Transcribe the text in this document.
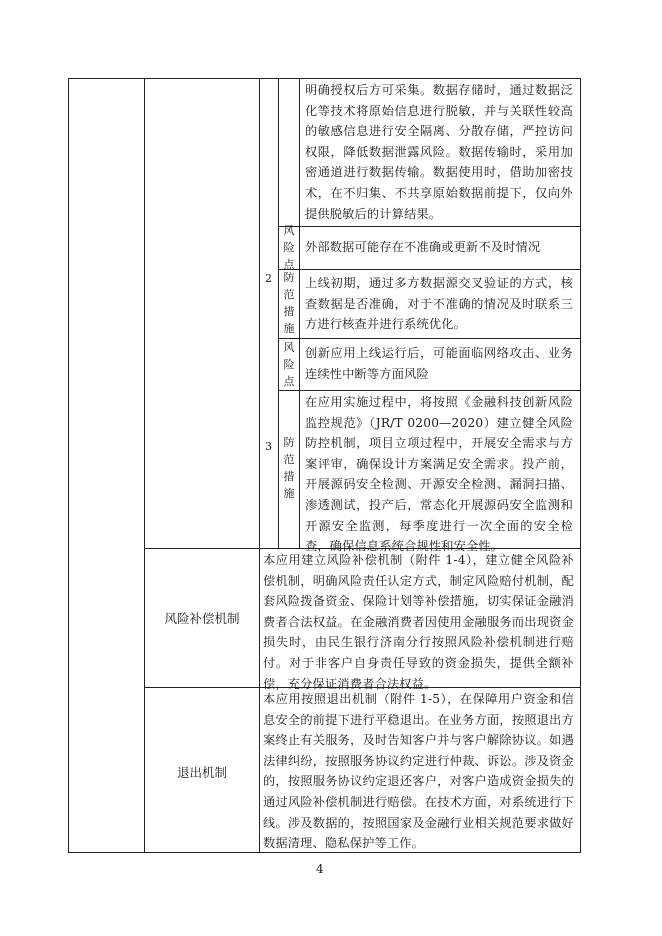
明确授权后方可采集。数据存储时，通过数据泛化等技术将原始信息进行脱敏，并与关联性较高的敏感信息进行安全隔离、分散存储，严控访问权限，降低数据泄露风险。数据传输时，采用加密通道进行数据传输。数据使用时，借助加密技术，在不归集、不共享原始数据前提下，仅向外提供脱敏后的计算结果。
2
风险点
外部数据可能存在不准确或更新不及时情况
防范措施
上线初期，通过多方数据源交叉验证的方式，核查数据是否准确，对于不准确的情况及时联系三方进行核查并进行系统优化。
3
风险点
创新应用上线运行后，可能面临网络攻击、业务连续性中断等方面风险
防范措施
在应用实施过程中，将按照《金融科技创新风险监控规范》（JR/T 0200—2020）建立健全风险防控机制，项目立项过程中，开展安全需求与方案评审，确保设计方案满足安全需求。投产前，开展源码安全检测、开源安全检测、漏洞扫描、渗透测试，投产后，常态化开展源码安全监测和开源安全监测，每季度进行一次全面的安全检查，确保信息系统合规性和安全性。
风险补偿机制
本应用建立风险补偿机制（附件 1-4），建立健全风险补偿机制，明确风险责任认定方式，制定风险赔付机制，配套风险拨备资金、保险计划等补偿措施，切实保证金融消费者合法权益。在金融消费者因使用金融服务而出现资金损失时，由民生银行济南分行按照风险补偿机制进行赔付。对于非客户自身责任导致的资金损失，提供全额补偿，充分保证消费者合法权益。
退出机制
本应用按照退出机制（附件 1-5），在保障用户资金和信息安全的前提下进行平稳退出。在业务方面，按照退出方案终止有关服务，及时告知客户并与客户解除协议。如遇法律纠纷，按照服务协议约定进行仲裁、诉讼。涉及资金的，按照服务协议约定退还客户，对客户造成资金损失的通过风险补偿机制进行赔偿。在技术方面，对系统进行下线。涉及数据的，按照国家及金融行业相关规范要求做好数据清理、隐私保护等工作。
4
